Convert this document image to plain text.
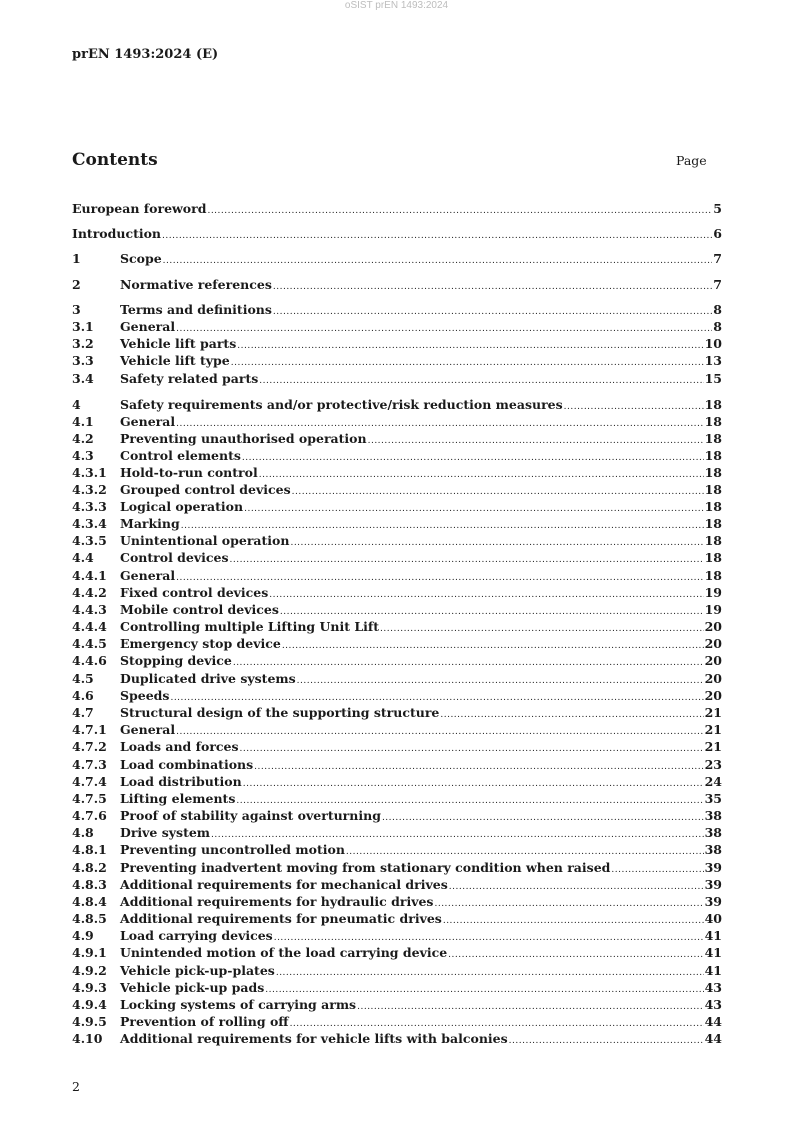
oSIST prEN 1493:2024
prEN 1493:2024 (E)
Contents	Page
European foreword .....	5
Introduction .....	6
1	Scope .....	7
2	Normative references .....	7
3	Terms and definitions .....	8
3.1	General .....	8
3.2	Vehicle lift parts .....	10
3.3	Vehicle lift type .....	13
3.4	Safety related parts .....	15
4	Safety requirements and/or protective/risk reduction measures .....	18
4.1	General .....	18
4.2	Preventing unauthorised operation .....	18
4.3	Control elements .....	18
4.3.1	Hold-to-run control .....	18
4.3.2	Grouped control devices .....	18
4.3.3	Logical operation .....	18
4.3.4	Marking .....	18
4.3.5	Unintentional operation .....	18
4.4	Control devices .....	18
4.4.1	General .....	18
4.4.2	Fixed control devices .....	19
4.4.3	Mobile control devices .....	19
4.4.4	Controlling multiple Lifting Unit Lift .....	20
4.4.5	Emergency stop device .....	20
4.4.6	Stopping device .....	20
4.5	Duplicated drive systems .....	20
4.6	Speeds .....	20
4.7	Structural design of the supporting structure .....	21
4.7.1	General .....	21
4.7.2	Loads and forces .....	21
4.7.3	Load combinations .....	23
4.7.4	Load distribution .....	24
4.7.5	Lifting elements .....	35
4.7.6	Proof of stability against overturning .....	38
4.8	Drive system .....	38
4.8.1	Preventing uncontrolled motion .....	38
4.8.2	Preventing inadvertent moving from stationary condition when raised .....	39
4.8.3	Additional requirements for mechanical drives .....	39
4.8.4	Additional requirements for hydraulic drives .....	39
4.8.5	Additional requirements for pneumatic drives .....	40
4.9	Load carrying devices .....	41
4.9.1	Unintended motion of the load carrying device .....	41
4.9.2	Vehicle pick-up-plates .....	41
4.9.3	Vehicle pick-up pads .....	43
4.9.4	Locking systems of carrying arms .....	43
4.9.5	Prevention of rolling off .....	44
4.10	Additional requirements for vehicle lifts with balconies .....	44
2
